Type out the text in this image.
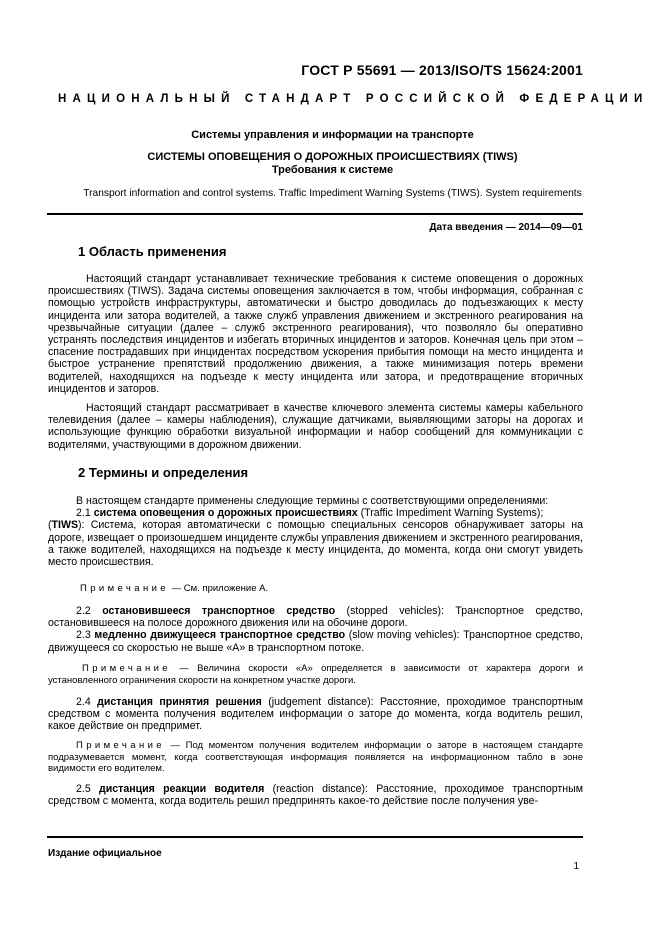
ГОСТ Р 55691 — 2013/ISO/TS 15624:2001
НАЦИОНАЛЬНЫЙ СТАНДАРТ РОССИЙСКОЙ ФЕДЕРАЦИИ
Системы управления и информации на транспорте
СИСТЕМЫ ОПОВЕЩЕНИЯ О ДОРОЖНЫХ ПРОИСШЕСТВИЯХ (TIWS)
Требования к системе
Transport information and control systems. Traffic Impediment Warning Systems (TIWS). System requirements
Дата введения — 2014—09—01
1 Область применения

Настоящий стандарт устанавливает технические требования к системе оповещения о дорожных происшествиях (TIWS). Задача системы оповещения заключается в том, чтобы информация, собранная с помощью устройств инфраструктуры, автоматически и быстро доводилась до подъезжающих к месту инцидента или затора водителей, а также служб управления движением и экстренного реагирования на чрезвычайные ситуации (далее – служб экстренного реагирования), что позволяло бы оперативно устранять последствия инцидентов и избегать вторичных инцидентов и заторов. Конечная цель при этом – спасение пострадавших при инцидентах посредством ускорения прибытия помощи на место инцидента и быстрое устранение препятствий продолжению движения, а также минимизация потерь времени водителей, находящихся на подъезде к месту инцидента или затора, и предотвращение вторичных инцидентов и заторов.

Настоящий стандарт рассматривает в качестве ключевого элемента системы камеры кабельного телевидения (далее – камеры наблюдения), служащие датчиками, выявляющими заторы на дорогах и использующие функцию обработки визуальной информации и набор сообщений для коммуникации с водителями, участвующими в дорожном движении.

2 Термины и определения

В настоящем стандарте применены следующие термины с соответствующими определениями:

2.1 система оповещения о дорожных происшествиях (Traffic Impediment Warning Systems);
(TIWS): Система, которая автоматически с помощью специальных сенсоров обнаруживает заторы на дороге, извещает о произошедшем инциденте службы управления движением и экстренного реагирования, а также водителей, находящихся на подъезде к месту инцидента, до момента, когда они смогут увидеть место происшествия.

Примечание — См. приложение А.

2.2 остановившееся транспортное средство (stopped vehicles): Транспортное средство, остановившееся на полосе дорожного движения или на обочине дороги.

2.3 медленно движущееся транспортное средство (slow moving vehicles): Транспортное средство, движущееся со скоростью не выше «А» в транспортном потоке.

Примечание — Величина скорости «А» определяется в зависимости от характера дороги и установленного ограничения скорости на конкретном участке дороги.

2.4 дистанция принятия решения (judgement distance): Расстояние, проходимое транспортным средством с момента получения водителем информации о заторе до момента, когда водитель решил, какое действие он предпримет.

Примечание — Под моментом получения водителем информации о заторе в настоящем стандарте подразумевается момент, когда соответствующая информация появляется на информационном табло в зоне видимости его водителем.

2.5 дистанция реакции водителя (reaction distance): Расстояние, проходимое транспортным средством с момента, когда водитель решил предпринять какое-то действие после получения уве-

Издание официальное
1
